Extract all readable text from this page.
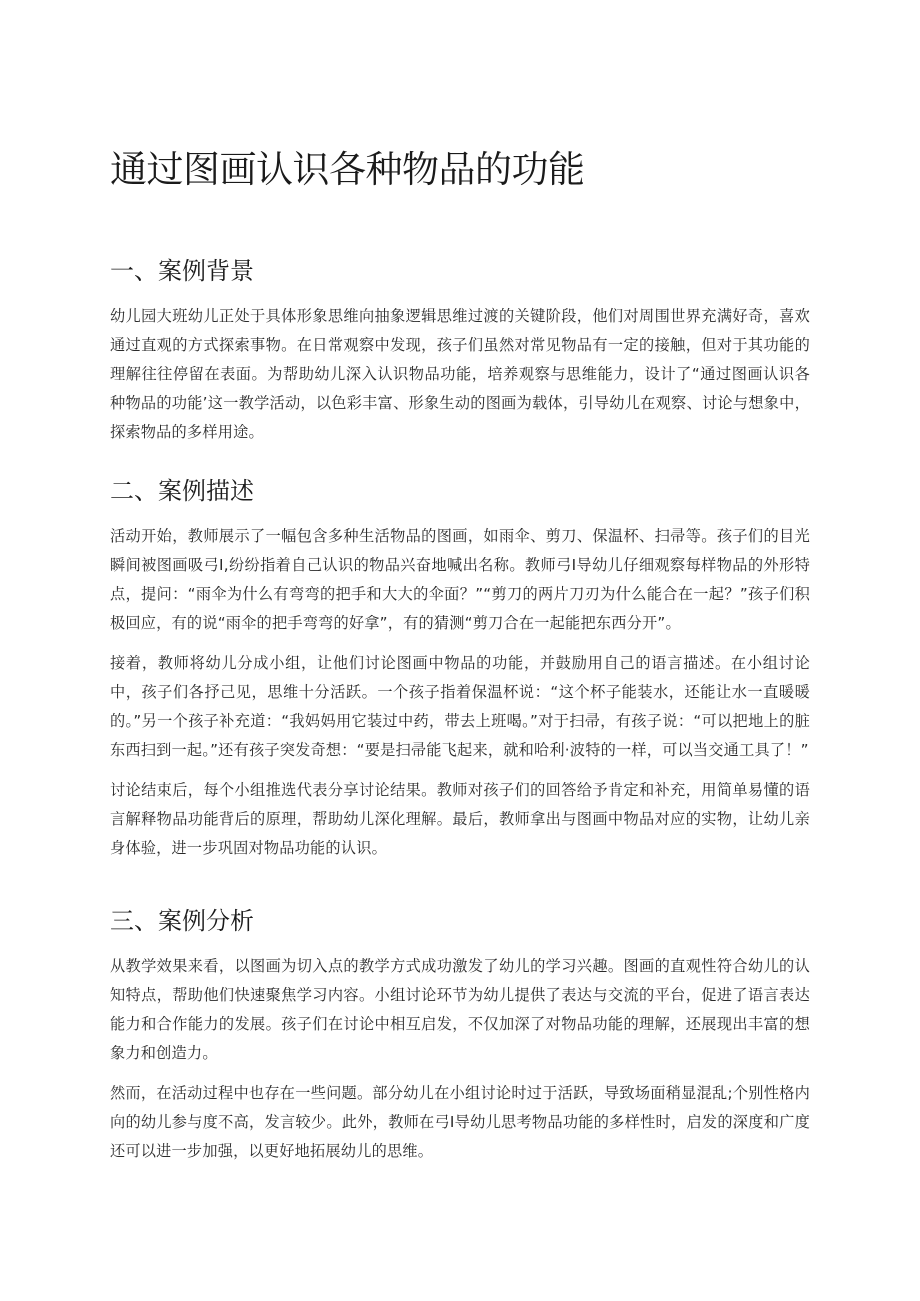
通过图画认识各种物品的功能
一、案例背景

幼儿园大班幼儿正处于具体形象思维向抽象逻辑思维过渡的关键阶段，他们对周围世界充满好奇，喜欢通过直观的方式探索事物。在日常观察中发现，孩子们虽然对常见物品有一定的接触，但对于其功能的理解往往停留在表面。为帮助幼儿深入认识物品功能，培养观察与思维能力，设计了“通过图画认识各种物品的功能’这一教学活动，以色彩丰富、形象生动的图画为载体，引导幼儿在观察、讨论与想象中，探索物品的多样用途。

二、案例描述

活动开始，教师展示了一幅包含多种生活物品的图画，如雨伞、剪刀、保温杯、扫帚等。孩子们的目光瞬间被图画吸弓I,纷纷指着自己认识的物品兴奋地喊出名称。教师弓I导幼儿仔细观察每样物品的外形特点，提问：“雨伞为什么有弯弯的把手和大大的伞面？”“剪刀的两片刀刃为什么能合在一起？”孩子们积极回应，有的说“雨伞的把手弯弯的好拿”，有的猜测“剪刀合在一起能把东西分开”。

接着，教师将幼儿分成小组，让他们讨论图画中物品的功能，并鼓励用自己的语言描述。在小组讨论中，孩子们各抒己见，思维十分活跃。一个孩子指着保温杯说：“这个杯子能装水，还能让水一直暖暖的。”另一个孩子补充道：“我妈妈用它装过中药，带去上班喝。”对于扫帚，有孩子说：“可以把地上的脏东西扫到一起。”还有孩子突发奇想：“要是扫帚能飞起来，就和哈利·波特的一样，可以当交通工具了！”

讨论结束后，每个小组推选代表分享讨论结果。教师对孩子们的回答给予肯定和补充，用简单易懂的语言解释物品功能背后的原理，帮助幼儿深化理解。最后，教师拿出与图画中物品对应的实物，让幼儿亲身体验，进一步巩固对物品功能的认识。

三、案例分析

从教学效果来看，以图画为切入点的教学方式成功激发了幼儿的学习兴趣。图画的直观性符合幼儿的认知特点，帮助他们快速聚焦学习内容。小组讨论环节为幼儿提供了表达与交流的平台，促进了语言表达能力和合作能力的发展。孩子们在讨论中相互启发，不仅加深了对物品功能的理解，还展现出丰富的想象力和创造力。

然而，在活动过程中也存在一些问题。部分幼儿在小组讨论时过于活跃，导致场面稍显混乱;个别性格内向的幼儿参与度不高，发言较少。此外，教师在弓I导幼儿思考物品功能的多样性时，启发的深度和广度还可以进一步加强，以更好地拓展幼儿的思维。
